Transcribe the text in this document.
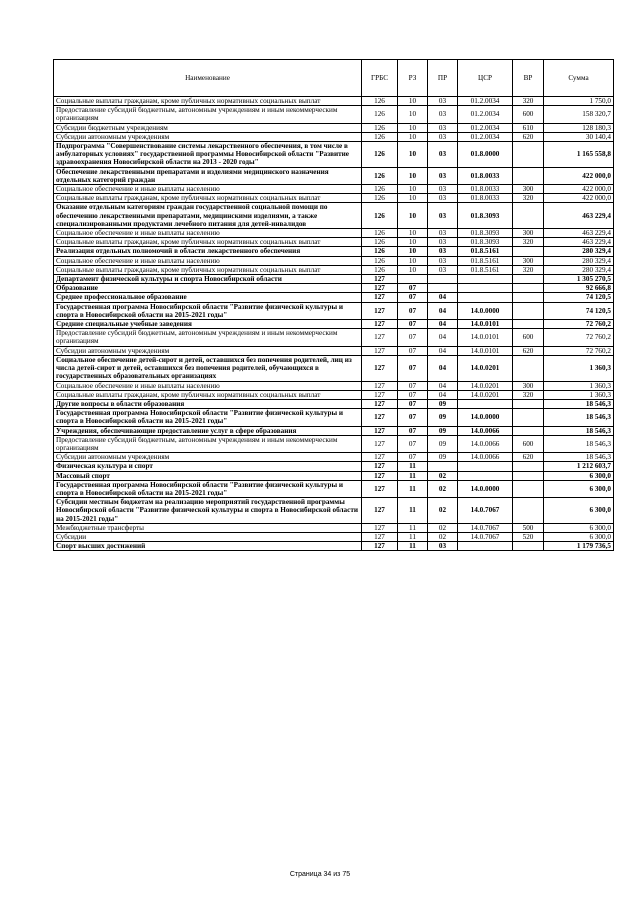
Наименование	ГРБС	РЗ	ПР	ЦСР	ВР	Сумма
Социальные выплаты гражданам, кроме публичных нормативных социальных выплат	126	10	03	01.2.0034	320	1 750,0
Предоставление субсидий бюджетным, автономным учреждениям и иным некоммерческим организациям	126	10	03	01.2.0034	600	158 320,7
Субсидии бюджетным учреждениям	126	10	03	01.2.0034	610	128 180,3
Субсидии автономным учреждениям	126	10	03	01.2.0034	620	30 140,4
Подпрограмма "Совершенствование системы лекарственного обеспечения, в том числе в амбулаторных условиях" государственной программы Новосибирской области "Развитие здравоохранения Новосибирской области на 2013 - 2020 годы"	126	10	03	01.8.0000		1 165 558,8
Обеспечение лекарственными препаратами и изделиями медицинского назначения отдельных категорий граждан	126	10	03	01.8.0033		422 000,0
Социальное обеспечение и иные выплаты населению	126	10	03	01.8.0033	300	422 000,0
Социальные выплаты гражданам, кроме публичных нормативных социальных выплат	126	10	03	01.8.0033	320	422 000,0
Оказание отдельным категориям граждан государственной социальной помощи по обеспечению лекарственными препаратами, медицинскими изделиями, а также специализированными продуктами лечебного питания для детей-инвалидов	126	10	03	01.8.3093		463 229,4
Социальное обеспечение и иные выплаты населению	126	10	03	01.8.3093	300	463 229,4
Социальные выплаты гражданам, кроме публичных нормативных социальных выплат	126	10	03	01.8.3093	320	463 229,4
Реализация отдельных полномочий в области лекарственного обеспечения	126	10	03	01.8.5161		280 329,4
Социальное обеспечение и иные выплаты населению	126	10	03	01.8.5161	300	280 329,4
Социальные выплаты гражданам, кроме публичных нормативных социальных выплат	126	10	03	01.8.5161	320	280 329,4
Департамент физической культуры и спорта Новосибирской области	127					1 305 270,5
Образование	127	07				92 666,8
Среднее профессиональное образование	127	07	04			74 120,5
Государственная программа Новосибирской области "Развитие физической культуры и спорта в Новосибирской области на 2015-2021 годы"	127	07	04	14.0.0000		74 120,5
Средние специальные учебные заведения	127	07	04	14.0.0101		72 760,2
Предоставление субсидий бюджетным, автономным учреждениям и иным некоммерческим организациям	127	07	04	14.0.0101	600	72 760,2
Субсидии автономным учреждениям	127	07	04	14.0.0101	620	72 760,2
Социальное обеспечение детей-сирот и детей, оставшихся без попечения родителей, лиц из числа детей-сирот и детей, оставшихся без попечения родителей, обучающихся в государственных образовательных организациях	127	07	04	14.0.0201		1 360,3
Социальное обеспечение и иные выплаты населению	127	07	04	14.0.0201	300	1 360,3
Социальные выплаты гражданам, кроме публичных нормативных социальных выплат	127	07	04	14.0.0201	320	1 360,3
Другие вопросы в области образования	127	07	09			18 546,3
Государственная программа Новосибирской области "Развитие физической культуры и спорта в Новосибирской области на 2015-2021 годы"	127	07	09	14.0.0000		18 546,3
Учреждения, обеспечивающие предоставление услуг в сфере образования	127	07	09	14.0.0066		18 546,3
Предоставление субсидий бюджетным, автономным учреждениям и иным некоммерческим организациям	127	07	09	14.0.0066	600	18 546,3
Субсидии автономным учреждениям	127	07	09	14.0.0066	620	18 546,3
Физическая культура и спорт	127	11				1 212 603,7
Массовый спорт	127	11	02			6 300,0
Государственная программа Новосибирской области "Развитие физической культуры и спорта в Новосибирской области на 2015-2021 годы"	127	11	02	14.0.0000		6 300,0
Субсидии местным бюджетам на реализацию мероприятий государственной программы Новосибирской области "Развитие физической культуры и спорта в Новосибирской области на 2015-2021 годы"	127	11	02	14.0.7067		6 300,0
Межбюджетные трансферты	127	11	02	14.0.7067	500	6 300,0
Субсидии	127	11	02	14.0.7067	520	6 300,0
Спорт высших достижений	127	11	03			1 179 736,5
Страница 34 из 75
